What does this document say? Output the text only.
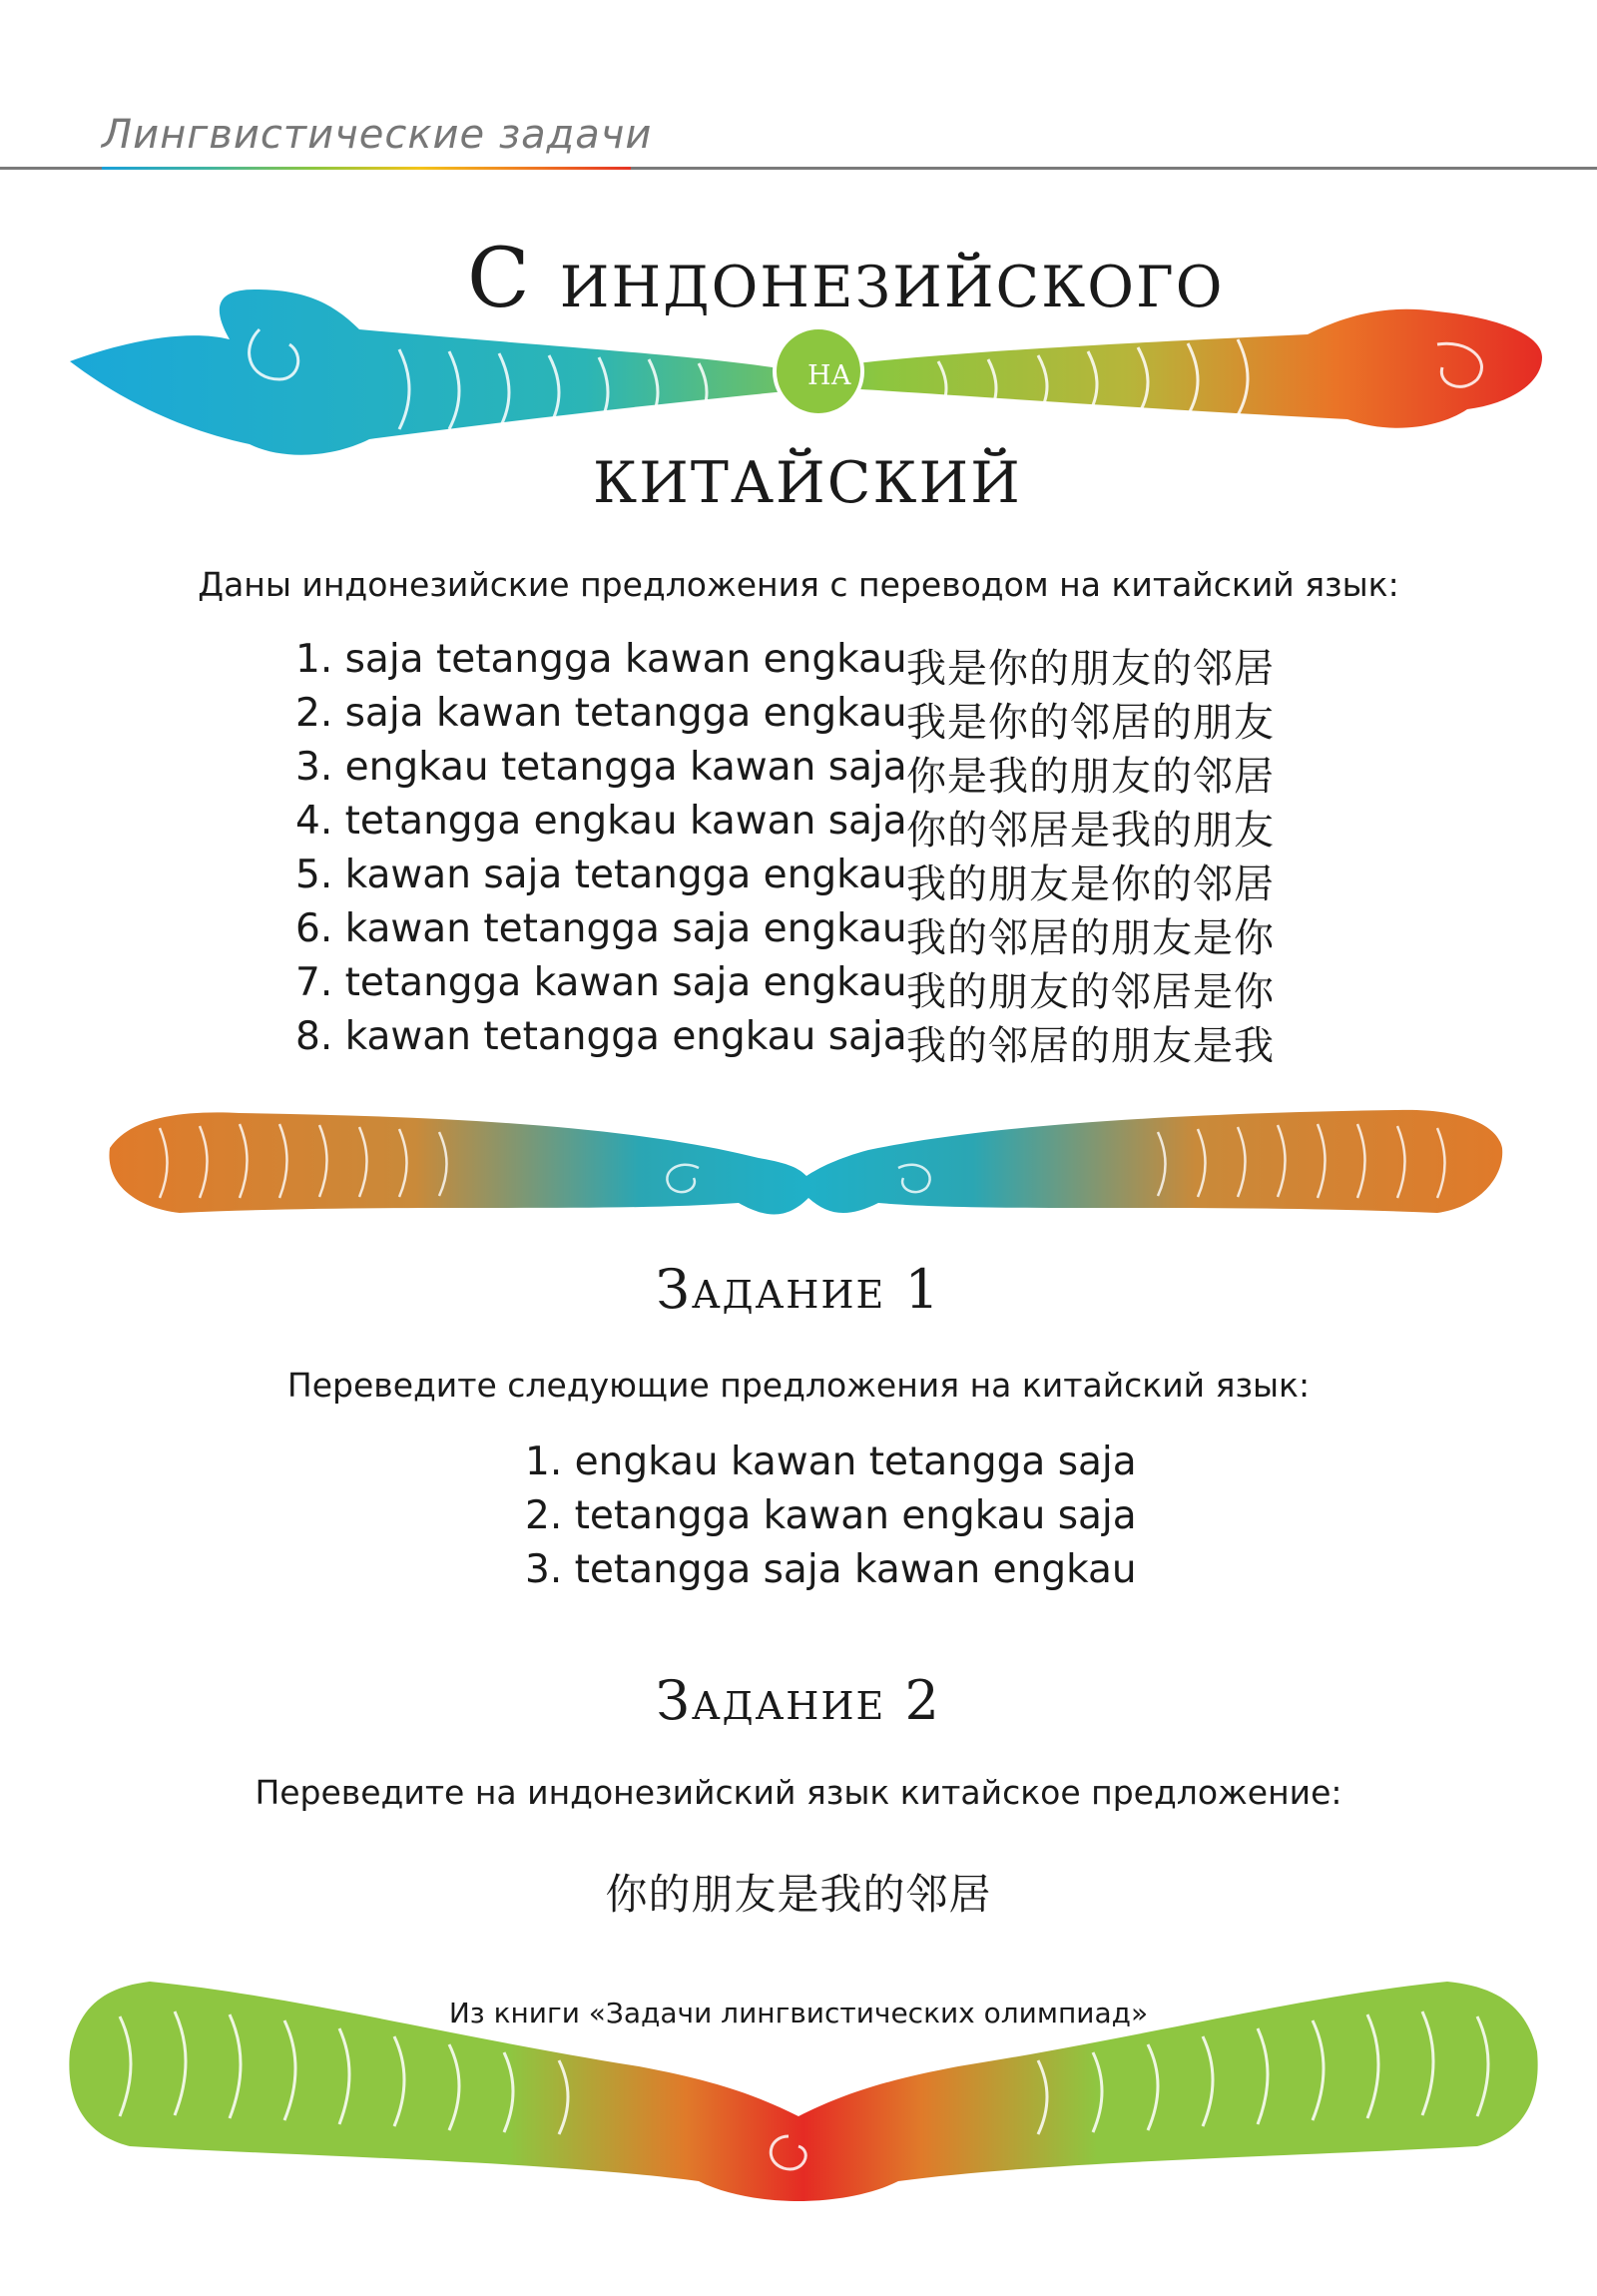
Лингвистические задачи
С индонезийского
на
китайский
Даны индонезийские предложения с переводом на китайский язык:
1. saja tetangga kawan engkau 我是你的朋友的邻居
2. saja kawan tetangga engkau 我是你的邻居的朋友
3. engkau tetangga kawan saja 你是我的朋友的邻居
4. tetangga engkau kawan saja 你的邻居是我的朋友
5. kawan saja tetangga engkau 我的朋友是你的邻居
6. kawan tetangga saja engkau 我的邻居的朋友是你
7. tetangga kawan saja engkau 我的朋友的邻居是你
8. kawan tetangga engkau saja 我的邻居的朋友是我
Задание 1
Переведите следующие предложения на китайский язык:
1. engkau kawan tetangga saja
2. tetangga kawan engkau saja
3. tetangga saja kawan engkau
Задание 2
Переведите на индонезийский язык китайское предложение:
你的朋友是我的邻居
Из книги «Задачи лингвистических олимпиад»
